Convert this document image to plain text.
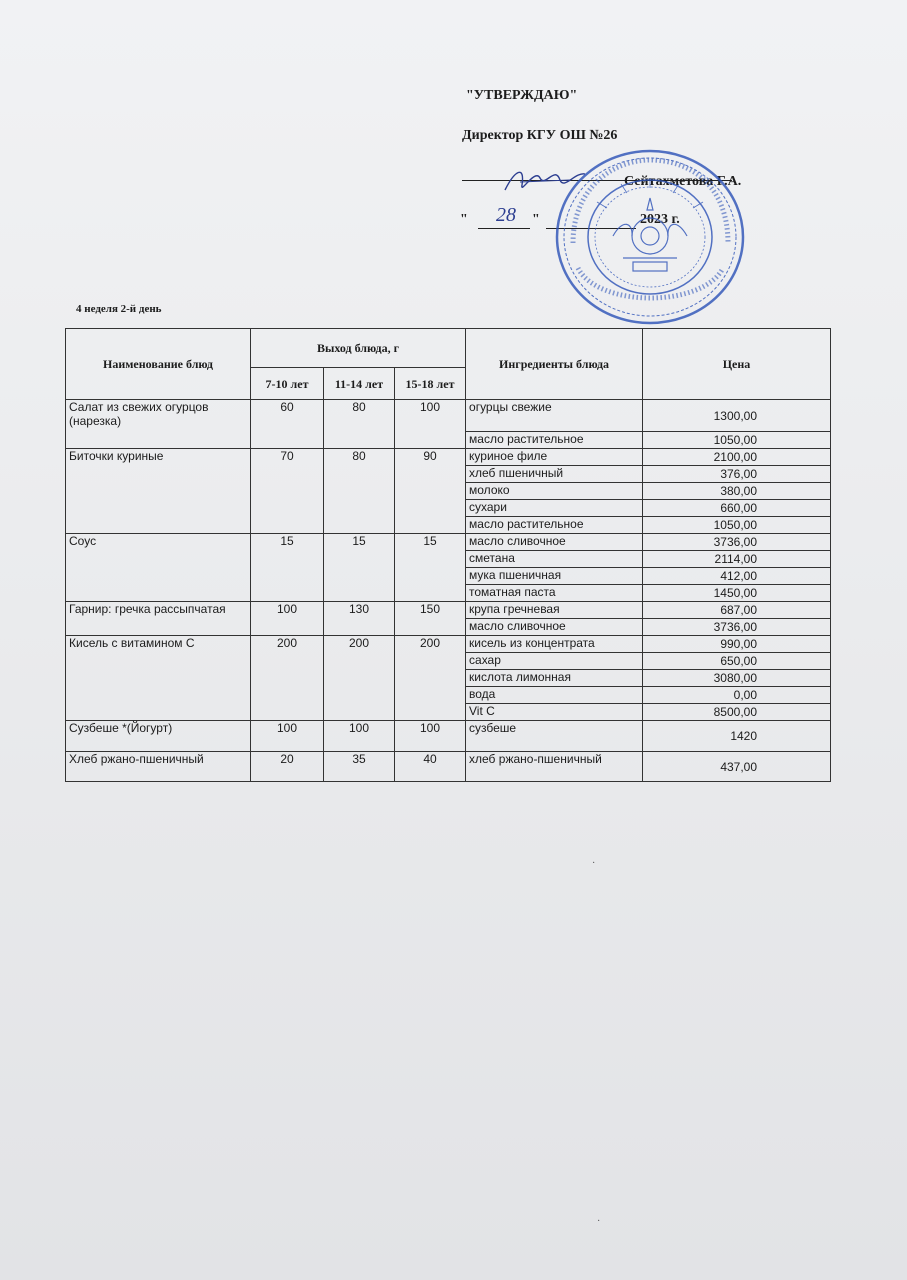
"УТВЕРЖДАЮ"
Директор КГУ ОШ №26
Сейтахметова Г.А.
" 28 "	2023 г.
4 неделя 2-й день
Наименование блюд	Выход блюда, г			Ингредиенты блюда	Цена
	7-10 лет	11-14 лет	15-18 лет		
Салат из свежих огурцов (нарезка)	60	80	100	огурцы свежие	1300,00
				масло растительное	1050,00
Биточки куриные	70	80	90	куриное филе	2100,00
				хлеб пшеничный	376,00
				молоко	380,00
				сухари	660,00
				масло растительное	1050,00
Соус	15	15	15	масло сливочное	3736,00
				сметана	2114,00
				мука пшеничная	412,00
				томатная паста	1450,00
Гарнир: гречка рассыпчатая	100	130	150	крупа гречневая	687,00
				масло сливочное	3736,00
Кисель с витамином С	200	200	200	кисель из концентрата	990,00
				сахар	650,00
				кислота лимонная	3080,00
				вода	0,00
				Vit C	8500,00
Сузбеше *(Йогурт)	100	100	100	сузбеше	1420
Хлеб ржано-пшеничный	20	35	40	хлеб ржано-пшеничный	437,00
·
·
